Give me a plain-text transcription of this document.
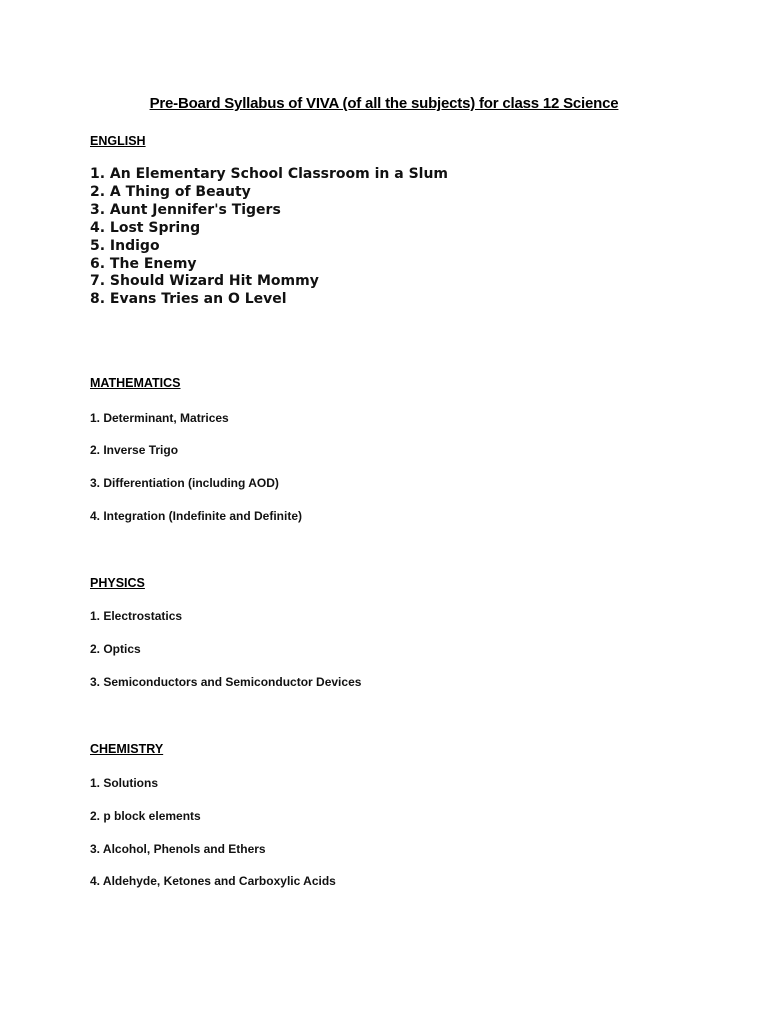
Pre-Board Syllabus of VIVA (of all the subjects) for class 12 Science
ENGLISH
1. An Elementary School Classroom in a Slum
2. A Thing of Beauty
3. Aunt Jennifer's Tigers
4. Lost Spring
5. Indigo
6. The Enemy
7. Should Wizard Hit Mommy
8. Evans Tries an O Level
MATHEMATICS
1. Determinant, Matrices
2. Inverse Trigo
3. Differentiation (including AOD)
4. Integration (Indefinite and Definite)
PHYSICS
1. Electrostatics
2. Optics
3. Semiconductors and Semiconductor Devices
CHEMISTRY
1. Solutions
2. p block elements
3. Alcohol, Phenols and Ethers
4. Aldehyde, Ketones and Carboxylic Acids
